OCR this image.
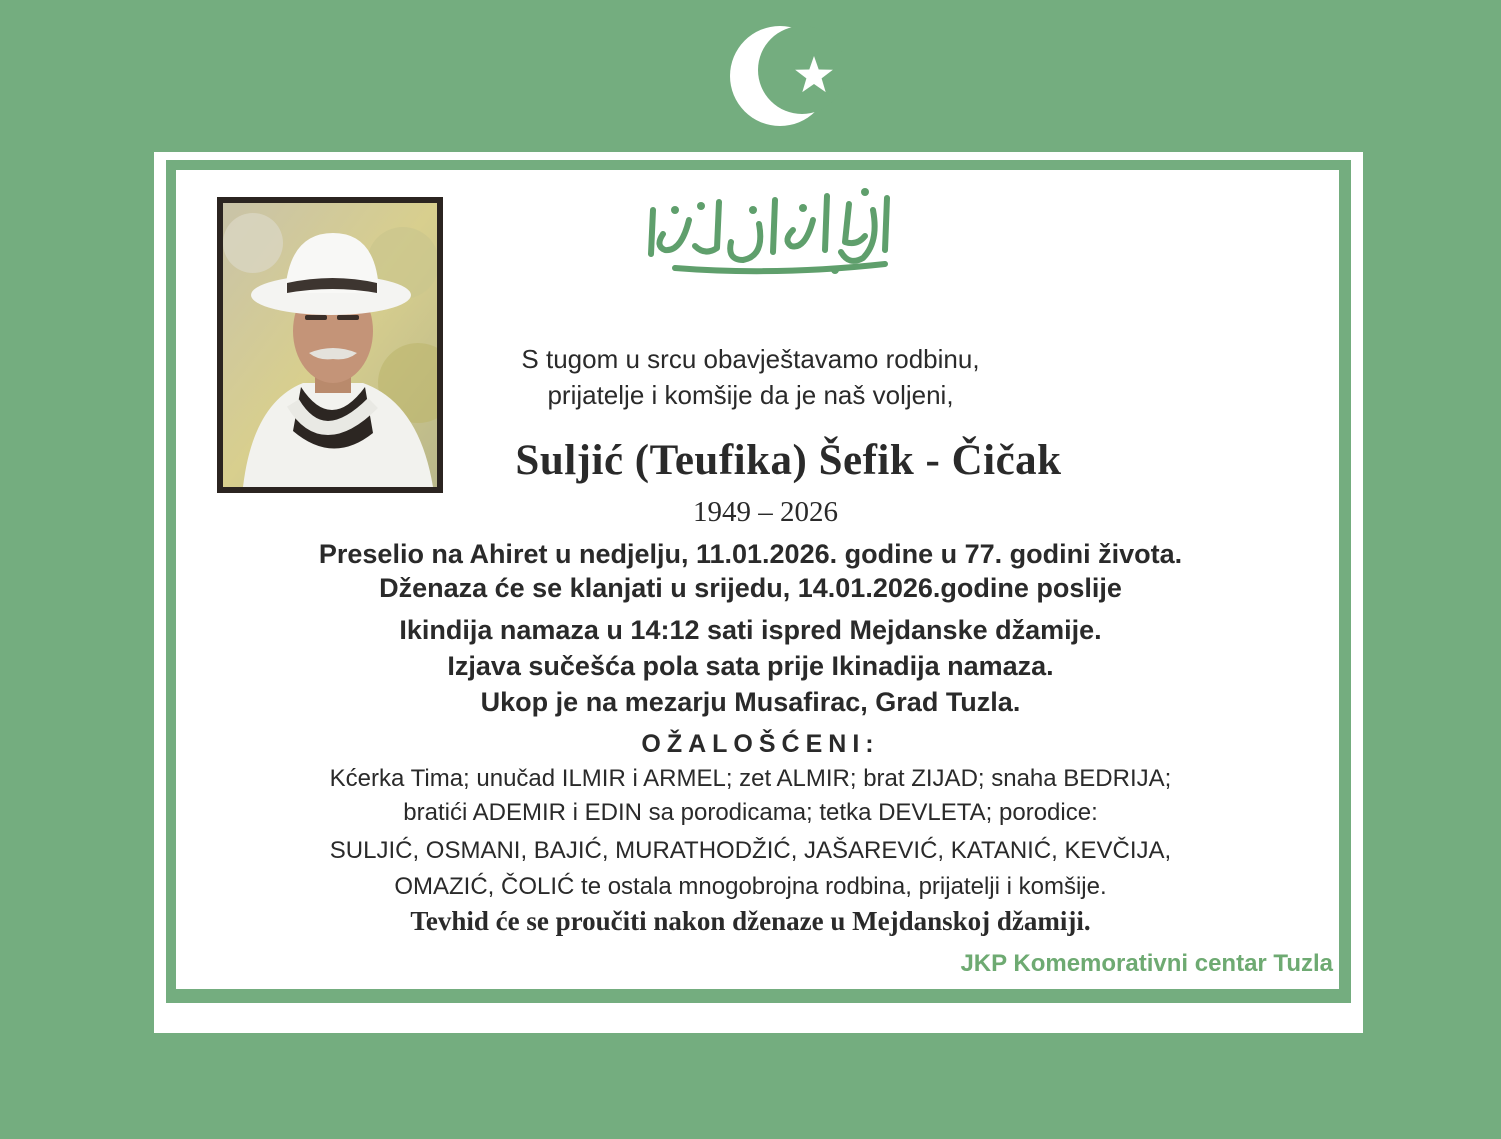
S tugom u srcu obavještavamo rodbinu,

prijatelje i komšije da je naš voljeni,

Suljić (Teufika) Šefik - Čičak

1949 – 2026

Preselio na Ahiret u nedjelju, 11.01.2026. godine u 77. godini života.

Dženaza će se klanjati u srijedu, 14.01.2026.godine poslije

Ikindija namaza u 14:12 sati ispred Mejdanske džamije.

Izjava sučešća pola sata prije Ikinadija namaza.

Ukop je na mezarju Musafirac, Grad Tuzla.

OŽALOŠĆENI:

Kćerka Tima; unučad ILMIR i ARMEL; zet ALMIR; brat ZIJAD; snaha BEDRIJA;

bratići ADEMIR i EDIN sa porodicama; tetka DEVLETA; porodice:

SULJIĆ, OSMANI, BAJIĆ, MURATHODŽIĆ, JAŠAREVIĆ, KATANIĆ, KEVČIJA,

OMAZIĆ, ČOLIĆ te ostala mnogobrojna rodbina, prijatelji i komšije.

Tevhid će se proučiti nakon dženaze u Mejdanskoj džamiji.

JKP Komemorativni centar Tuzla
